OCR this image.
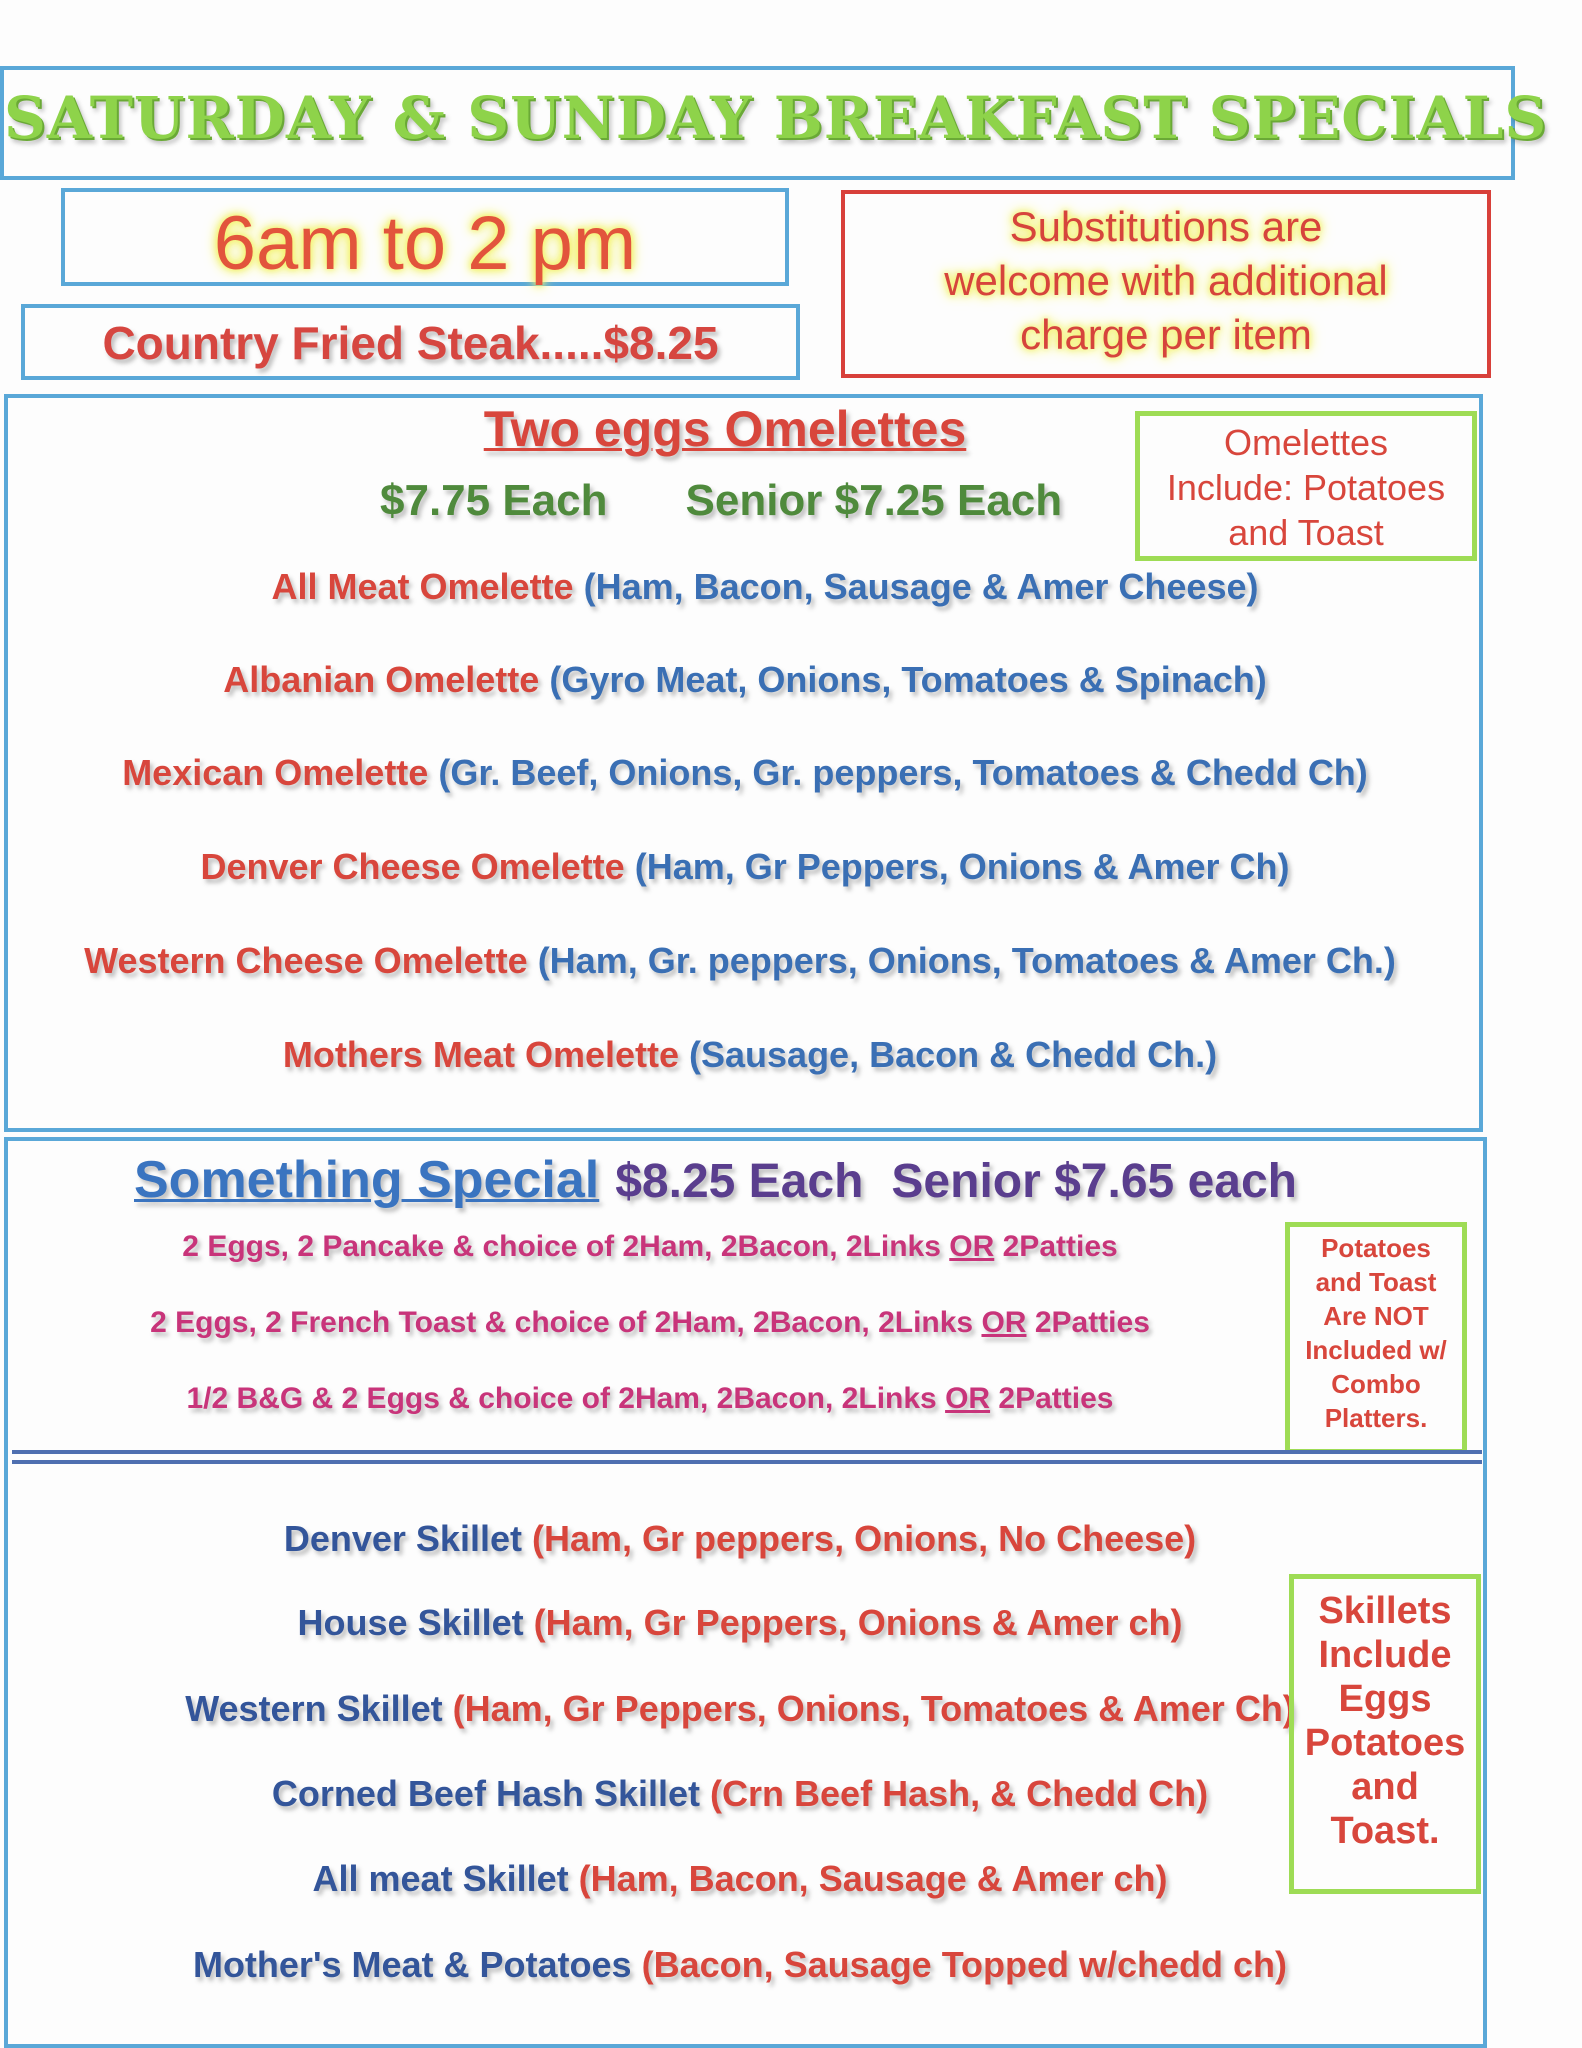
SATURDAY & SUNDAY BREAKFAST SPECIALS
6am to 2 pm
Country Fried Steak.....$8.25
Substitutions are
welcome with additional
charge per item
Two eggs Omelettes
$7.75 Each Senior $7.25 Each
Omelettes
Include: Potatoes
and Toast
All Meat Omelette (Ham, Bacon, Sausage & Amer Cheese)
Albanian Omelette (Gyro Meat, Onions, Tomatoes & Spinach)
Mexican Omelette (Gr. Beef, Onions, Gr. peppers, Tomatoes & Chedd Ch)
Denver Cheese Omelette (Ham, Gr Peppers, Onions & Amer Ch)
Western Cheese Omelette (Ham, Gr. peppers, Onions, Tomatoes & Amer Ch.)
Mothers Meat Omelette (Sausage, Bacon & Chedd Ch.)
Something Special $8.25 Each Senior $7.65 each
2 Eggs, 2 Pancake & choice of 2Ham, 2Bacon, 2Links OR 2Patties
2 Eggs, 2 French Toast & choice of 2Ham, 2Bacon, 2Links OR 2Patties
1/2 B&G & 2 Eggs & choice of 2Ham, 2Bacon, 2Links OR 2Patties
Potatoes
and Toast
Are NOT
Included w/
Combo
Platters.
Denver Skillet (Ham, Gr peppers, Onions, No Cheese)
House Skillet (Ham, Gr Peppers, Onions & Amer ch)
Western Skillet (Ham, Gr Peppers, Onions, Tomatoes & Amer Ch)
Corned Beef Hash Skillet (Crn Beef Hash, & Chedd Ch)
All meat Skillet (Ham, Bacon, Sausage & Amer ch)
Mother's Meat & Potatoes (Bacon, Sausage Topped w/chedd ch)
Skillets
Include
Eggs
Potatoes
and
Toast.
